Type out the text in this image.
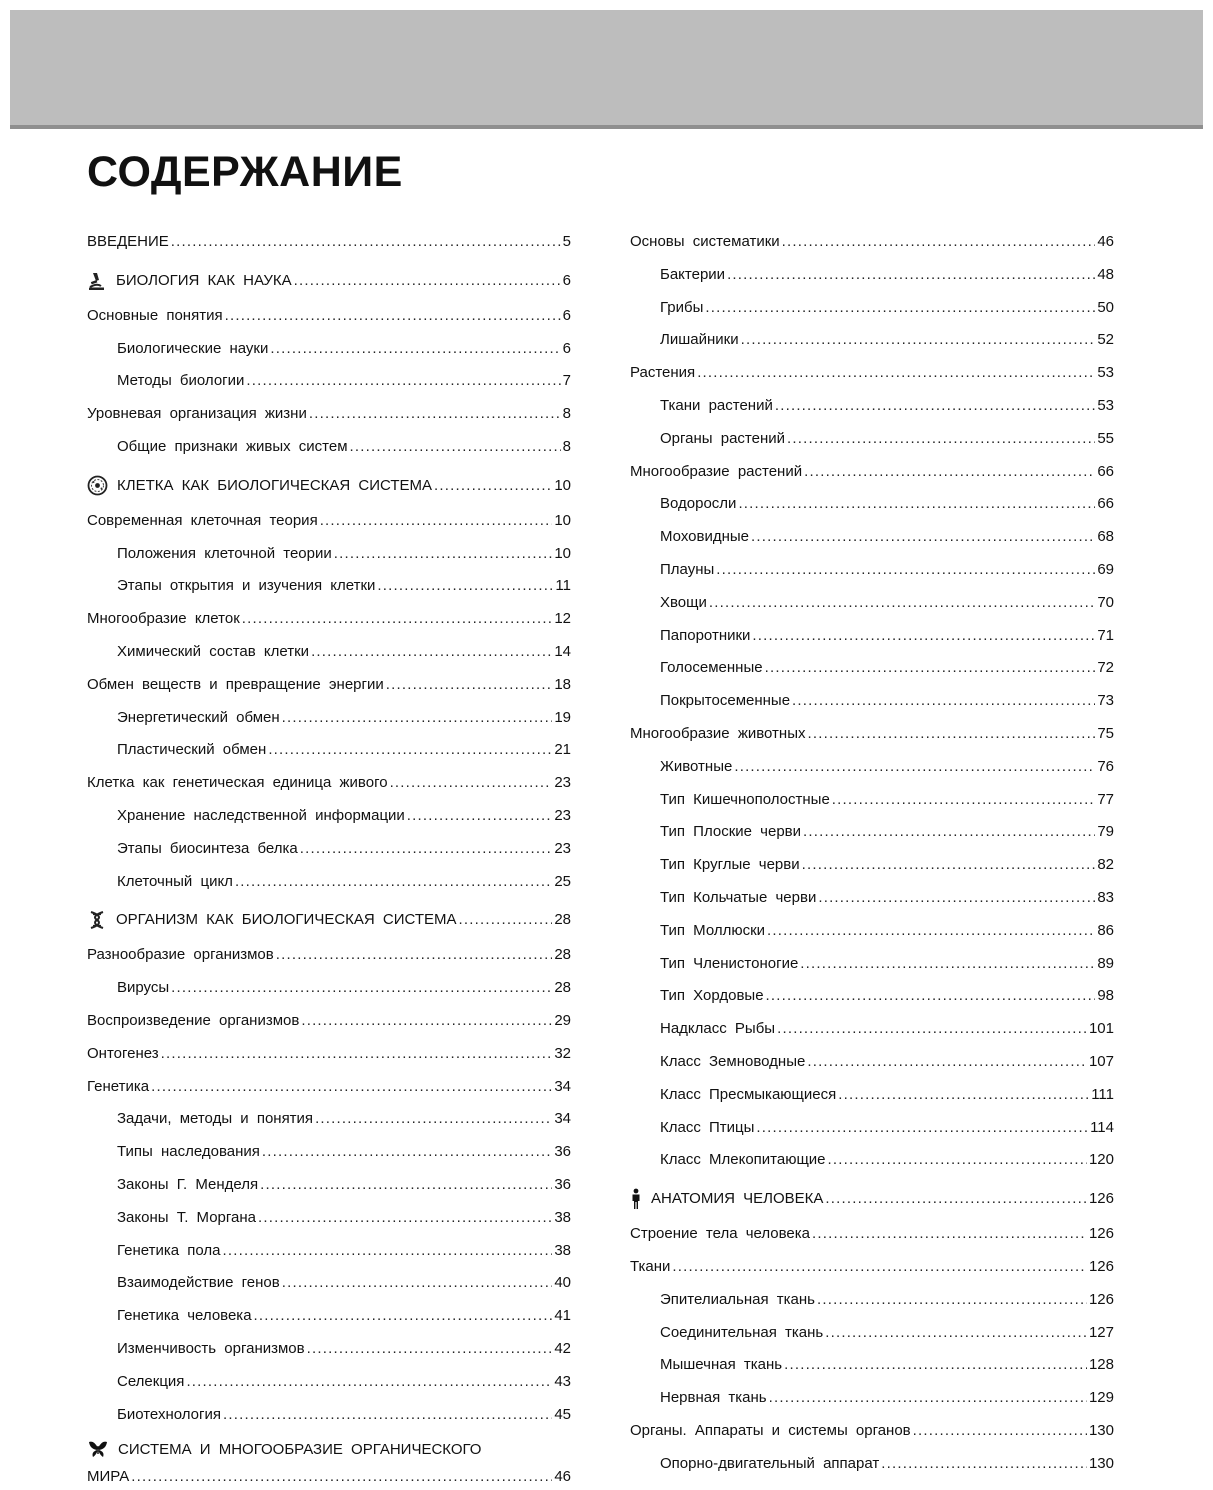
СОДЕРЖАНИЕ
ВВЕДЕНИЕ .....	5
БИОЛОГИЯ КАК НАУКА .....	6
Основные понятия .....	6
Биологические науки .....	6
Методы биологии .....	7
Уровневая организация жизни .....	8
Общие признаки живых систем .....	8
КЛЕТКА КАК БИОЛОГИЧЕСКАЯ СИСТЕМА .....	10
Современная клеточная теория .....	10
Положения клеточной теории .....	10
Этапы открытия и изучения клетки .....	11
Многообразие клеток .....	12
Химический состав клетки .....	14
Обмен веществ и превращение энергии .....	18
Энергетический обмен .....	19
Пластический обмен .....	21
Клетка как генетическая единица живого .....	23
Хранение наследственной информации .....	23
Этапы биосинтеза белка .....	23
Клеточный цикл .....	25
ОРГАНИЗМ КАК БИОЛОГИЧЕСКАЯ СИСТЕМА .....	28
Разнообразие организмов .....	28
Вирусы .....	28
Воспроизведение организмов .....	29
Онтогенез .....	32
Генетика .....	34
Задачи, методы и понятия .....	34
Типы наследования .....	36
Законы Г. Менделя .....	36
Законы Т. Моргана .....	38
Генетика пола .....	38
Взаимодействие генов .....	40
Генетика человека .....	41
Изменчивость организмов .....	42
Селекция .....	43
Биотехнология .....	45
СИСТЕМА И МНОГООБРАЗИЕ ОРГАНИЧЕСКОГО
МИРА .....	46
Основы систематики .....	46
Бактерии .....	48
Грибы .....	50
Лишайники .....	52
Растения .....	53
Ткани растений .....	53
Органы растений .....	55
Многообразие растений .....	66
Водоросли .....	66
Моховидные .....	68
Плауны .....	69
Хвощи .....	70
Папоротники .....	71
Голосеменные .....	72
Покрытосеменные .....	73
Многообразие животных .....	75
Животные .....	76
Тип Кишечнополостные .....	77
Тип Плоские черви .....	79
Тип Круглые черви .....	82
Тип Кольчатые черви .....	83
Тип Моллюски .....	86
Тип Членистоногие .....	89
Тип Хордовые .....	98
Надкласс Рыбы .....	101
Класс Земноводные .....	107
Класс Пресмыкающиеся .....	111
Класс Птицы .....	114
Класс Млекопитающие .....	120
АНАТОМИЯ ЧЕЛОВЕКА .....	126
Строение тела человека .....	126
Ткани .....	126
Эпителиальная ткань .....	126
Соединительная ткань .....	127
Мышечная ткань .....	128
Нервная ткань .....	129
Органы. Аппараты и системы органов .....	130
Опорно-двигательный аппарат .....	130
